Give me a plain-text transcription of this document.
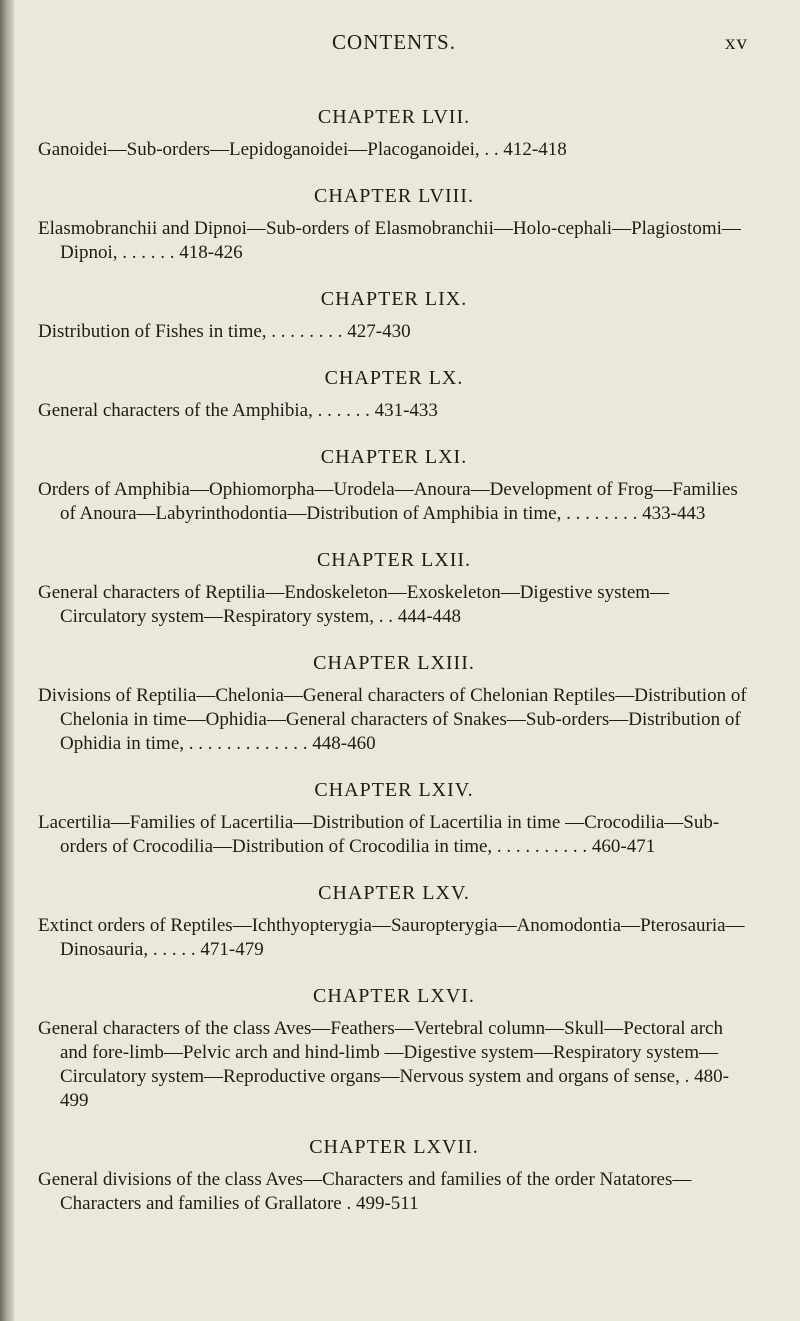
CONTENTS.	xv
CHAPTER LVII.

Ganoidei—Sub-orders—Lepidoganoidei—Placoganoidei, . . 412-418

CHAPTER LVIII.

Elasmobranchii and Dipnoi—Sub-orders of Elasmobranchii—Holo-cephali—Plagiostomi—Dipnoi, . . . . . . 418-426

CHAPTER LIX.

Distribution of Fishes in time, . . . . . . . . 427-430

CHAPTER LX.

General characters of the Amphibia, . . . . . . 431-433

CHAPTER LXI.

Orders of Amphibia—Ophiomorpha—Urodela—Anoura—Development of Frog—Families of Anoura—Labyrinthodontia—Distribution of Amphibia in time, . . . . . . . . 433-443

CHAPTER LXII.

General characters of Reptilia—Endoskeleton—Exoskeleton—Digestive system—Circulatory system—Respiratory system, . . 444-448

CHAPTER LXIII.

Divisions of Reptilia—Chelonia—General characters of Chelonian Reptiles—Distribution of Chelonia in time—Ophidia—General characters of Snakes—Sub-orders—Distribution of Ophidia in time, . . . . . . . . . . . . . 448-460

CHAPTER LXIV.

Lacertilia—Families of Lacertilia—Distribution of Lacertilia in time —Crocodilia—Sub-orders of Crocodilia—Distribution of Crocodilia in time, . . . . . . . . . . 460-471

CHAPTER LXV.

Extinct orders of Reptiles—Ichthyopterygia—Sauropterygia—Anomodontia—Pterosauria—Dinosauria, . . . . . 471-479

CHAPTER LXVI.

General characters of the class Aves—Feathers—Vertebral column—Skull—Pectoral arch and fore-limb—Pelvic arch and hind-limb —Digestive system—Respiratory system—Circulatory system—Reproductive organs—Nervous system and organs of sense, . 480-499

CHAPTER LXVII.

General divisions of the class Aves—Characters and families of the order Natatores—Characters and families of Grallatore . 499-511
